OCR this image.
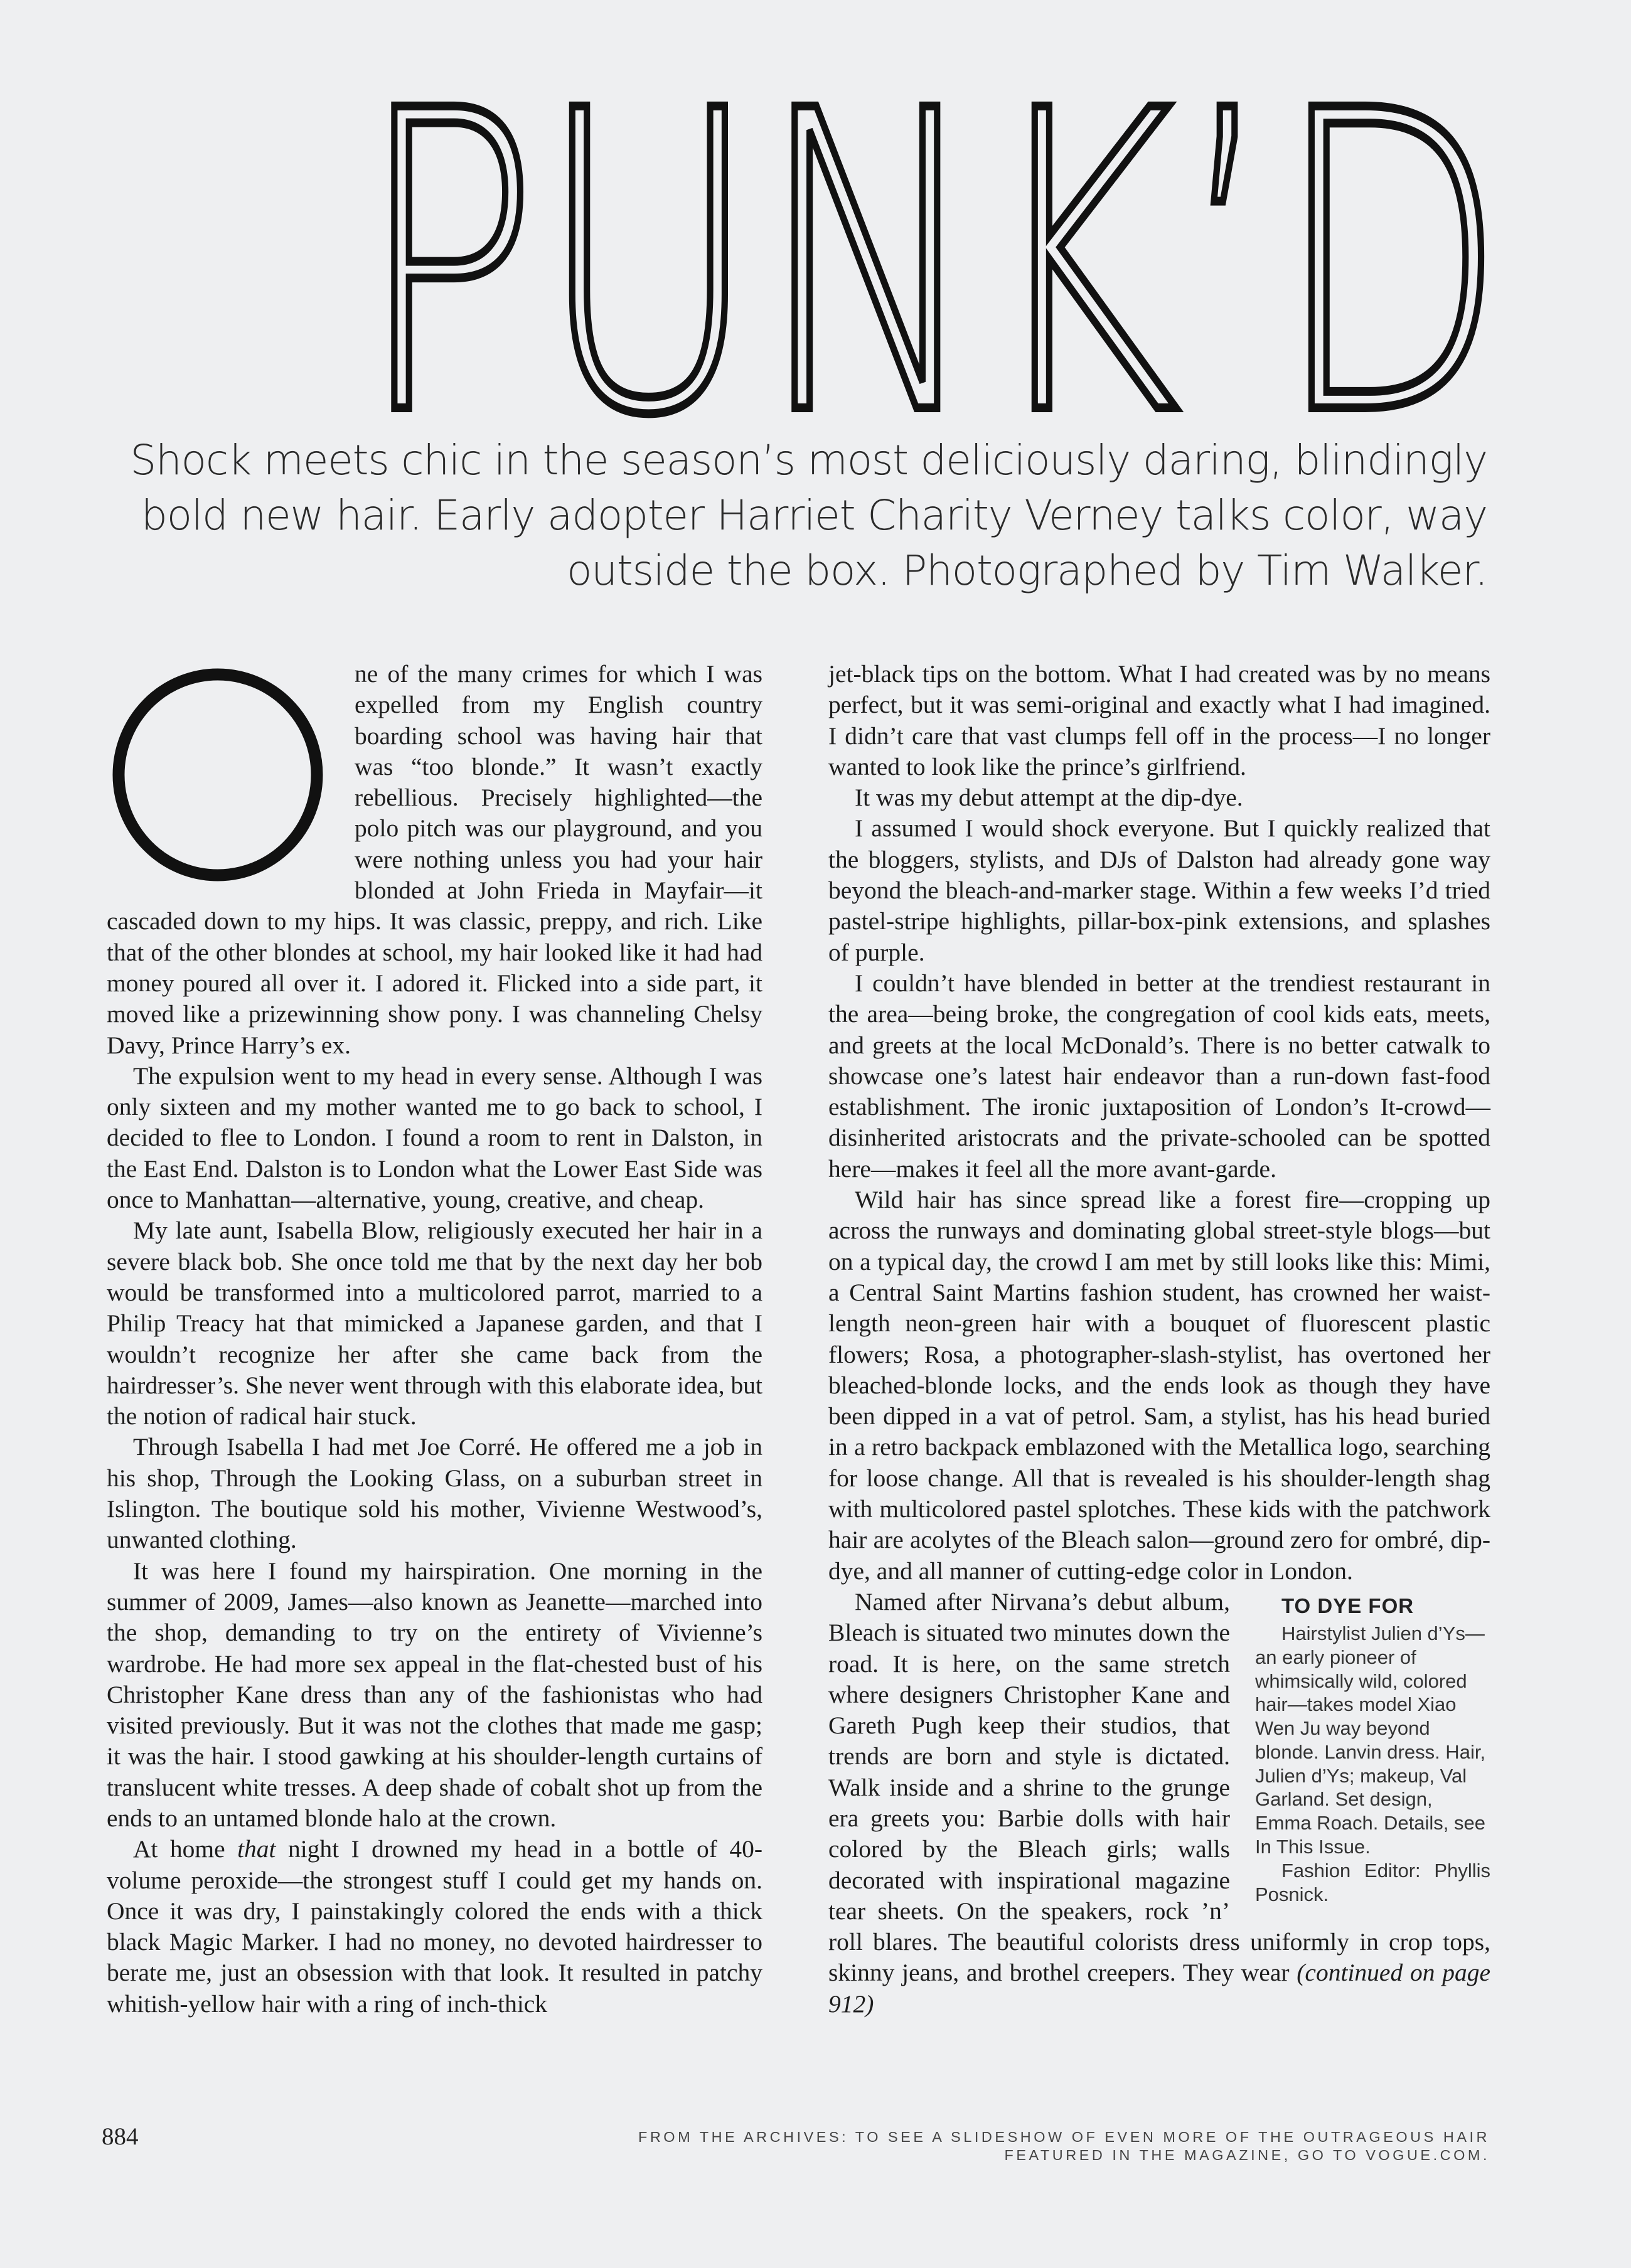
PUNK’D

Shock meets chic in the season’s most deliciously daring, blindingly bold new hair. Early adopter Harriet Charity Verney talks color, way outside the box. Photographed by Tim Walker.

ne of the many crimes for which I was expelled from my English country boarding school was having hair that was “too blonde.” It wasn’t exactly rebellious. Precisely highlighted—the polo pitch was our playground, and you were nothing unless you had your hair blonded at John Frieda in Mayfair—it cascaded down to my hips. It was classic, preppy, and rich. Like that of the other blondes at school, my hair looked like it had had money poured all over it. I adored it. Flicked into a side part, it moved like a prizewinning show pony. I was channeling Chelsy Davy, Prince Harry’s ex.

The expulsion went to my head in every sense. Although I was only sixteen and my mother wanted me to go back to school, I decided to flee to London. I found a room to rent in Dalston, in the East End. Dalston is to London what the Lower East Side was once to Manhattan—alternative, young, creative, and cheap.

My late aunt, Isabella Blow, religiously executed her hair in a severe black bob. She once told me that by the next day her bob would be transformed into a multicolored parrot, married to a Philip Treacy hat that mimicked a Japanese garden, and that I wouldn’t recognize her after she came back from the hairdresser’s. She never went through with this elaborate idea, but the notion of radical hair stuck.

Through Isabella I had met Joe Corré. He offered me a job in his shop, Through the Looking Glass, on a suburban street in Islington. The boutique sold his mother, Vivienne Westwood’s, unwanted clothing.

It was here I found my hairspiration. One morning in the summer of 2009, James—also known as Jeanette—marched into the shop, demanding to try on the entirety of Vivienne’s wardrobe. He had more sex appeal in the flat-chested bust of his Christopher Kane dress than any of the fashionistas who had visited previously. But it was not the clothes that made me gasp; it was the hair. I stood gawking at his shoulder-length curtains of translucent white tresses. A deep shade of cobalt shot up from the ends to an untamed blonde halo at the crown.

At home that night I drowned my head in a bottle of 40-volume peroxide—the strongest stuff I could get my hands on. Once it was dry, I painstakingly colored the ends with a thick black Magic Marker. I had no money, no devoted hairdresser to berate me, just an obsession with that look. It resulted in patchy whitish-yellow hair with a ring of inch-thick

jet-black tips on the bottom. What I had created was by no means perfect, but it was semi-original and exactly what I had imagined. I didn’t care that vast clumps fell off in the process—I no longer wanted to look like the prince’s girlfriend.

It was my debut attempt at the dip-dye.

I assumed I would shock everyone. But I quickly realized that the bloggers, stylists, and DJs of Dalston had already gone way beyond the bleach-and-marker stage. Within a few weeks I’d tried pastel-stripe highlights, pillar-box-pink extensions, and splashes of purple.

I couldn’t have blended in better at the trendiest restaurant in the area—being broke, the congregation of cool kids eats, meets, and greets at the local McDonald’s. There is no better catwalk to showcase one’s latest hair endeavor than a run-down fast-food establishment. The ironic juxtaposition of London’s It-crowd—disinherited aristocrats and the private-schooled can be spotted here—makes it feel all the more avant-garde.

Wild hair has since spread like a forest fire—cropping up across the runways and dominating global street-style blogs—but on a typical day, the crowd I am met by still looks like this: Mimi, a Central Saint Martins fashion student, has crowned her waist-length neon-green hair with a bouquet of fluorescent plastic flowers; Rosa, a photographer-slash-stylist, has overtoned her bleached-blonde locks, and the ends look as though they have been dipped in a vat of petrol. Sam, a stylist, has his head buried in a retro backpack emblazoned with the Metallica logo, searching for loose change. All that is revealed is his shoulder-length shag with multicolored pastel splotches. These kids with the patchwork hair are acolytes of the Bleach salon—ground zero for ombré, dip-dye, and all manner of cutting-edge color in London.

TO DYE FOR

Hairstylist Julien d’Ys—an early pioneer of whimsically wild, colored hair—takes model Xiao Wen Ju way beyond blonde. Lanvin dress. Hair, Julien d’Ys; makeup, Val Garland. Set design, Emma Roach. Details, see In This Issue.

Fashion Editor: Phyllis Posnick.

Named after Nirvana’s debut album, Bleach is situated two minutes down the road. It is here, on the same stretch where designers Christopher Kane and Gareth Pugh keep their studios, that trends are born and style is dictated. Walk inside and a shrine to the grunge era greets you: Barbie dolls with hair colored by the Bleach girls; walls decorated with inspirational magazine tear sheets. On the speakers, rock ’n’ roll blares. The beautiful colorists dress uniformly in crop tops, skinny jeans, and brothel creepers. They wear (continued on page 912)

884	FROM THE ARCHIVES: TO SEE A SLIDESHOW OF EVEN MORE OF THE OUTRAGEOUS HAIR FEATURED IN THE MAGAZINE, GO TO VOGUE.COM.
